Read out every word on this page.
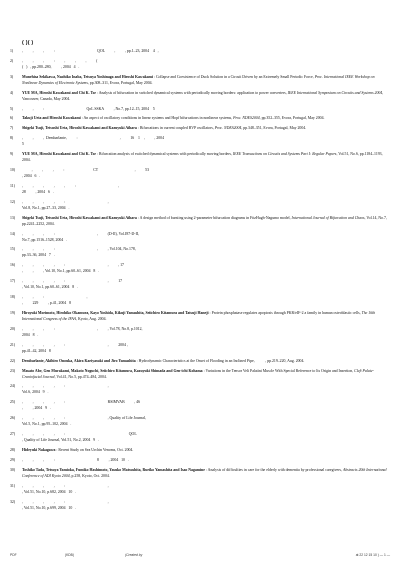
( )( )
1)	,          ,          ,          :                                            QOL          ,          , pp.1–23, 2004    4   ,
2)	,          ,          ,          :          ,          ,          ,          (
(   )   , pp.280–280,          , 2004   4   .
3)	Munehisa Sekikawa, Naohiko Inaba, Tetsuya Yoshinaga and Hiroshi Kawakami : Collapse and Coexistence of Duck Solution in a Circuit Driven by an Extremely Small Periodic Force, Proc. International IEEE Workshop on Nonlinear Dynamics of Electronic Systems, pp.308–311, Evora, Portugal, May 2004.
4)	YUE MA, Hiroshi Kawakami and Chi K. Tse : Analysis of bifurcation in switched dynamical systems with periodically moving borders: application to power converters, IEEE International Symposium on Circuits and Systems 2004, Vancouver, Canada, May 2004.
5)	,          ,          :                                            QoL SSKA          , No.7, pp.12–15, 2004    5
6)	Takuji Ueta and Hiroshi Kawakami : An aspect of oscillatory conditions in linear systems and Hopf bifurcations in nonlinear systems, Proc. NDES2004, pp.352–355, Evora, Portugal, May 2004.
7)	Shigeki Tsuji, Tetsushi Ueta, Hiroshi Kawakami and Kazuyuki Aihara : Bifurcations in current coupled BVP oscillators, Proc. NDES2004, pp.348–351, Evora, Portugal, May 2004.
8)	,          ,          ,  Dembarlante,          :                                            ,          16    1    ,          , 2004
5
9)	YUE MA, Hiroshi Kawakami and Chi K. Tse : Bifurcation analysis of switched dynamical systems with periodically moving borders, IEEE Transactions on Circuits and Systems Part I: Regular Papers, Vol.51, No.6, pp.1184–1193, 2004.
10)	,          ,          ,          :                              CT                                      ,          53
, 2004   6   .
11)	,          ,          ,          ,          ,          :                                            ,
28          , 2004   6   .
12)	,          ,          ,          ,          :                                            ,
Vol.8, No.1, pp.27–33, 2004   .
13)	Shigeki Tsuji, Tetsushi Ueta, Hiroshi Kawakami and Kazuyuki Aihara : A design method of bursting using 2-parameter bifurcation diagrams in FitzHugh-Nagumo model, International Journal of Bifurcation and Chaos, Vol.14, No.7, pp.2241–2252, 2004.
14)	,          ,          ,          :                                            ,          (D-II), Vol.J87-D-II,
No.7, pp.1516–1528, 2004   .
15)	,          ,          ,          :                                            ,          , Vol.104, No.178,
pp.33–36, 2004   7   .
16)	,          ,          ,          ,          :                                            ,          , 17
,          ,          , Vol.10, No.1, pp.60–61, 2004   8   .
17)	,          ,          ,          ,          :                                            ,          17
, Vol.10, No.1, pp.60–61, 2004   8   .
18)	,          ,          :                                            ,
,          229          , p.41, 2004   8
19)	Hiroyuki Morimoto, Hirohiko Okamura, Kayo Yoshida, Kikuji Yamashita, Seiichiro Kitamura and Tatsuji Haneji : Protein phosphatase regulates apoptosis through PKR/eIF-2 a family in human osteoblastic cells, The 16th International Congress of the IFAA, Kyoto, Aug. 2004.
20)	,          ,          ,          :                                            ,          , Vol.78, No.8, p.1012,
2004   8   .
21)	,          ,          ,          ,          :                                            ,          2004 ,
pp.41–42, 2004   8
22)	Dembarlante, Akihiro Onouka, Akira Kariyasuki and Jiro Yamashita : Hydrodynamic Characteristics at the Onset of Flooding in an Inclined Pipe,           , pp.219–220, Aug. 2004.
23)	Masato Abe, Gen Murakami, Makoto Noguchi, Seiichiro Kitamura, Kazuyuki Shimada and Gen-ichi Kohama : Variations in the Tensor Veli Palatini Muscle With Special Reference to Its Origin and Insertion, Cleft Palate-Craniofacial Journal, Vol.41, No.5, pp.474–484, 2004.
24)	,          ,          ,          ,          :                                            ,
Vol.6, 2004   9   .
25)	,          ,          ,          ,          :                                            RSIMVAB          , 46
,          , 2004   9   .
26)	,          ,          ,          ,          :                                            , Quality of Life Journal,
Vol.5, No.1, pp.95–102, 2004   .
27)	,          ,          ,          ,          :                                                                  QOL
, Quality of Life Journal, Vol.51, No.2, 2004   9   .
28)	Hideyuki Nakagawa : Recent Study on Sea Urchin Venoms, Oct. 2004.
29)	,          ,          ,          :                                            8          , 2004   10   .
30)	Toshiko Tada, Tetsuya Yamioka, Fumiko Hashimoto, Yasuko Matsushita, Ruriko Yamashita and Isao Nagamine : Analysis of difficulties in care for the elderly with dementia by professional caregivers, Abstracts 20th International Conference of ADI Kyoto 2004, p.258, Kyoto, Oct. 2004.
31)	,          ,          ,          ,          :                                            ,
, Vol.51, No.10, p.682, 2004   10   .
32)	,          ,          ,          ,          :                                            ,
, Vol.51, No.10, p.699, 2004   10   .
PDF	(KDB)	(Created by	at 22 12 15 10 ) — 1 —
